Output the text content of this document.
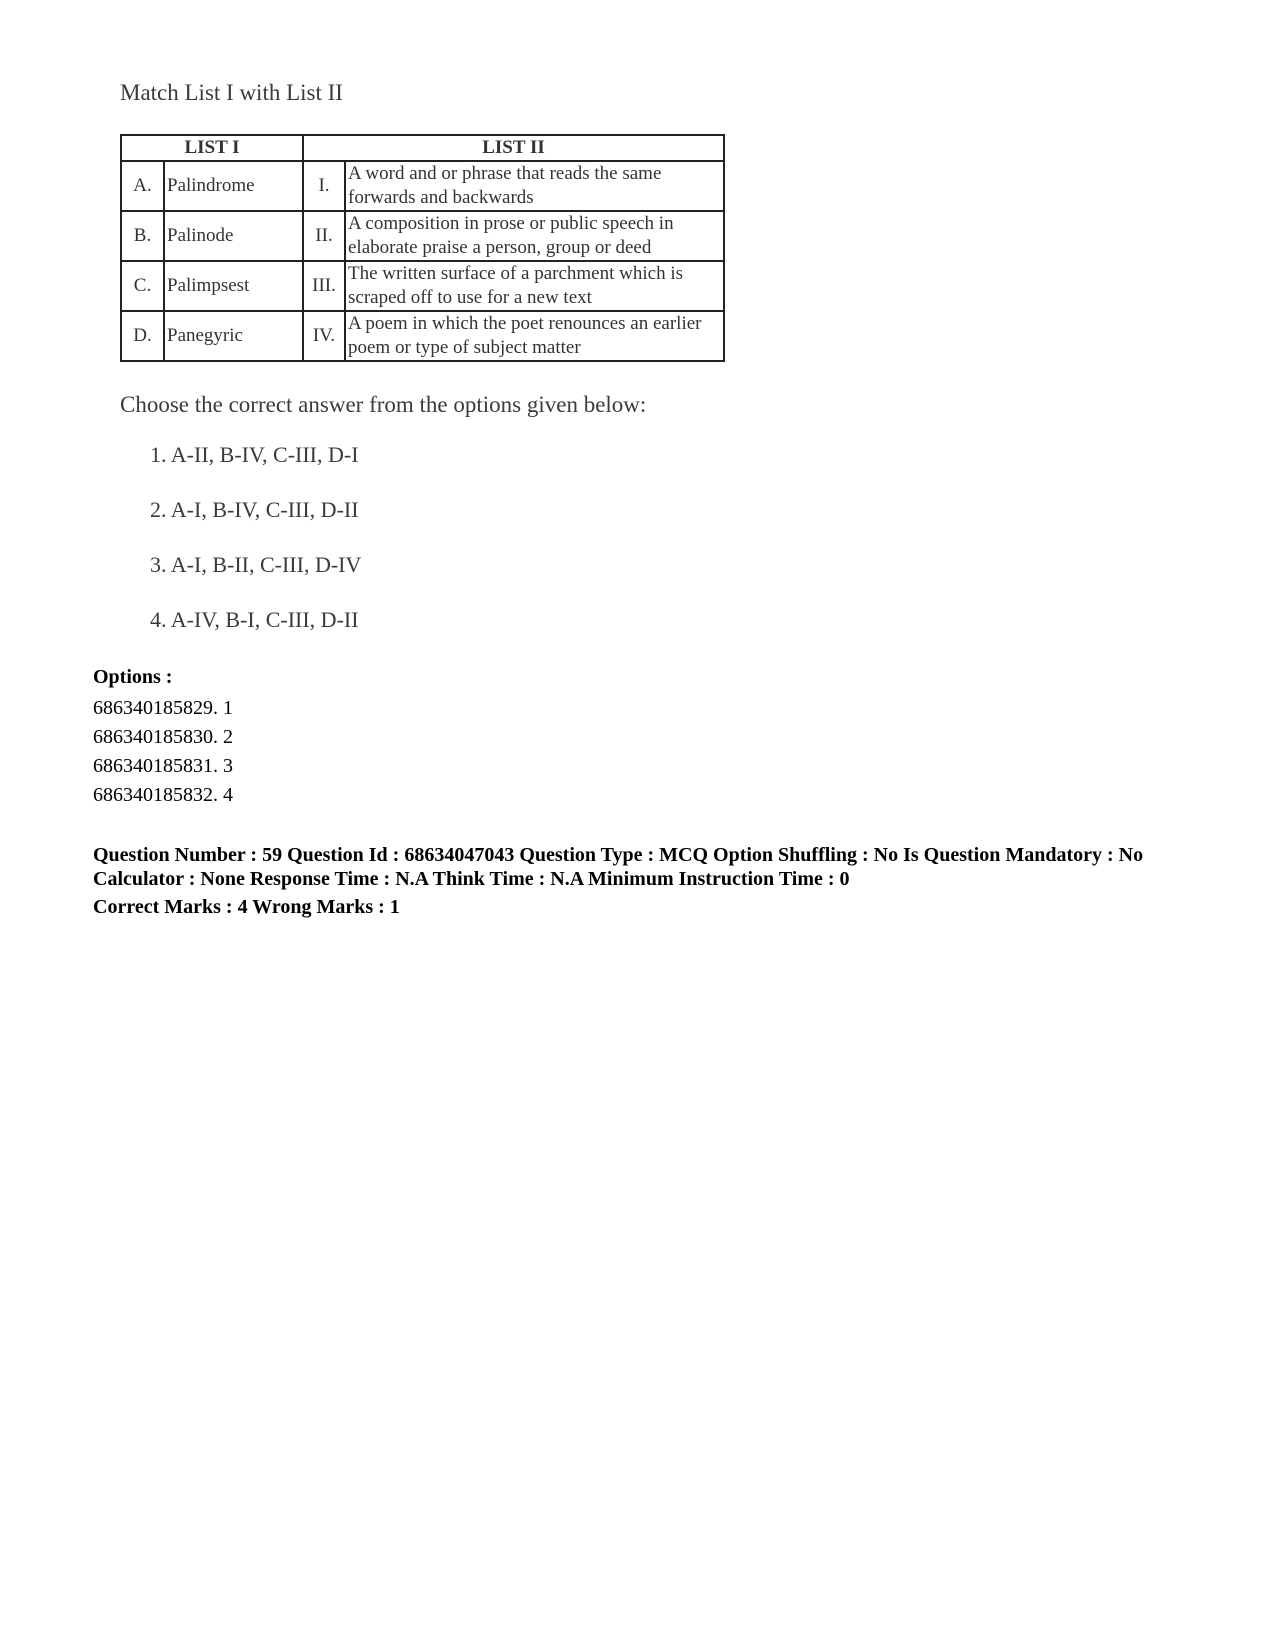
Match List I with List II
LIST I		LIST II	
A.	Palindrome	I.	A word and or phrase that reads the same forwards and backwards
B.	Palinode	II.	A composition in prose or public speech in elaborate praise a person, group or deed
C.	Palimpsest	III.	The written surface of a parchment which is scraped off to use for a new text
D.	Panegyric	IV.	A poem in which the poet renounces an earlier poem or type of subject matter
Choose the correct answer from the options given below:
1. A-II, B-IV, C-III, D-I
2. A-I, B-IV, C-III, D-II
3. A-I, B-II, C-III, D-IV
4. A-IV, B-I, C-III, D-II
Options :
686340185829. 1
686340185830. 2
686340185831. 3
686340185832. 4
Question Number : 59 Question Id : 68634047043 Question Type : MCQ Option Shuffling : No Is Question Mandatory : No Calculator : None Response Time : N.A Think Time : N.A Minimum Instruction Time : 0
Correct Marks : 4 Wrong Marks : 1
